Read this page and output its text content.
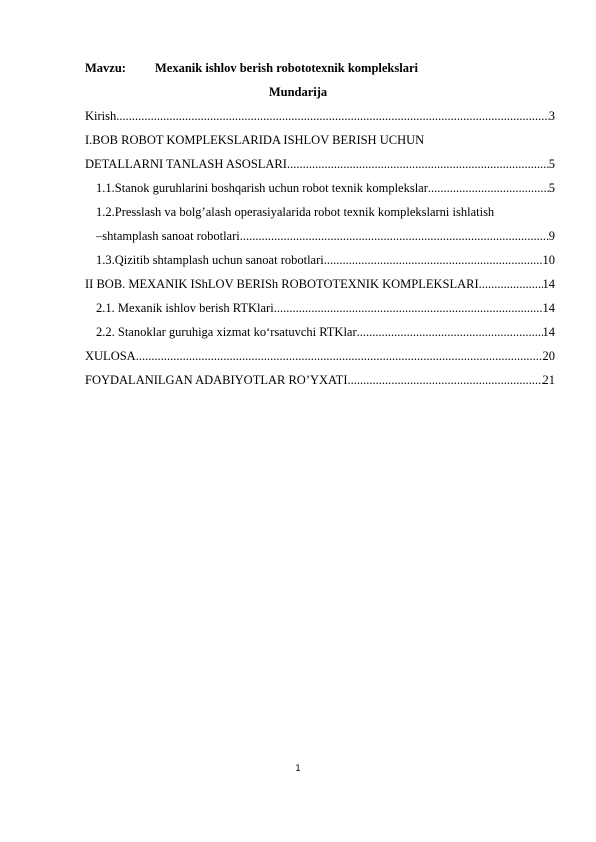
Mavzu: Mexanik ishlov berish robototexnik komplekslari
Mundarija
Kirish .....	3
I.BOB ROBOT KOMPLEKSLARIDA ISHLOV BERISH UCHUN
DETALLARNI TANLASH ASOSLARI .....	5
1.1.Stanok guruhlarini boshqarish uchun robot texnik komplekslar .....	5
1.2.Presslash va bolg’alash operasiyalarida robot texnik komplekslarni ishlatish
–shtamplash sanoat robotlari .....	9
1.3.Qizitib shtamplash uchun sanoat robotlari .....	10
II BOB. MEXANIK IShLOV BERISh ROBOTOTEXNIK KOMPLEKSLARI .....	14
2.1. Mexanik ishlov berish RTKlari .....	14
2.2. Stanoklar guruhiga xizmat ko‘rsatuvchi RTKlar .....	14
XULOSA .....	20
FOYDALANILGAN ADABIYOTLAR RO’YXATI .....	21
1
